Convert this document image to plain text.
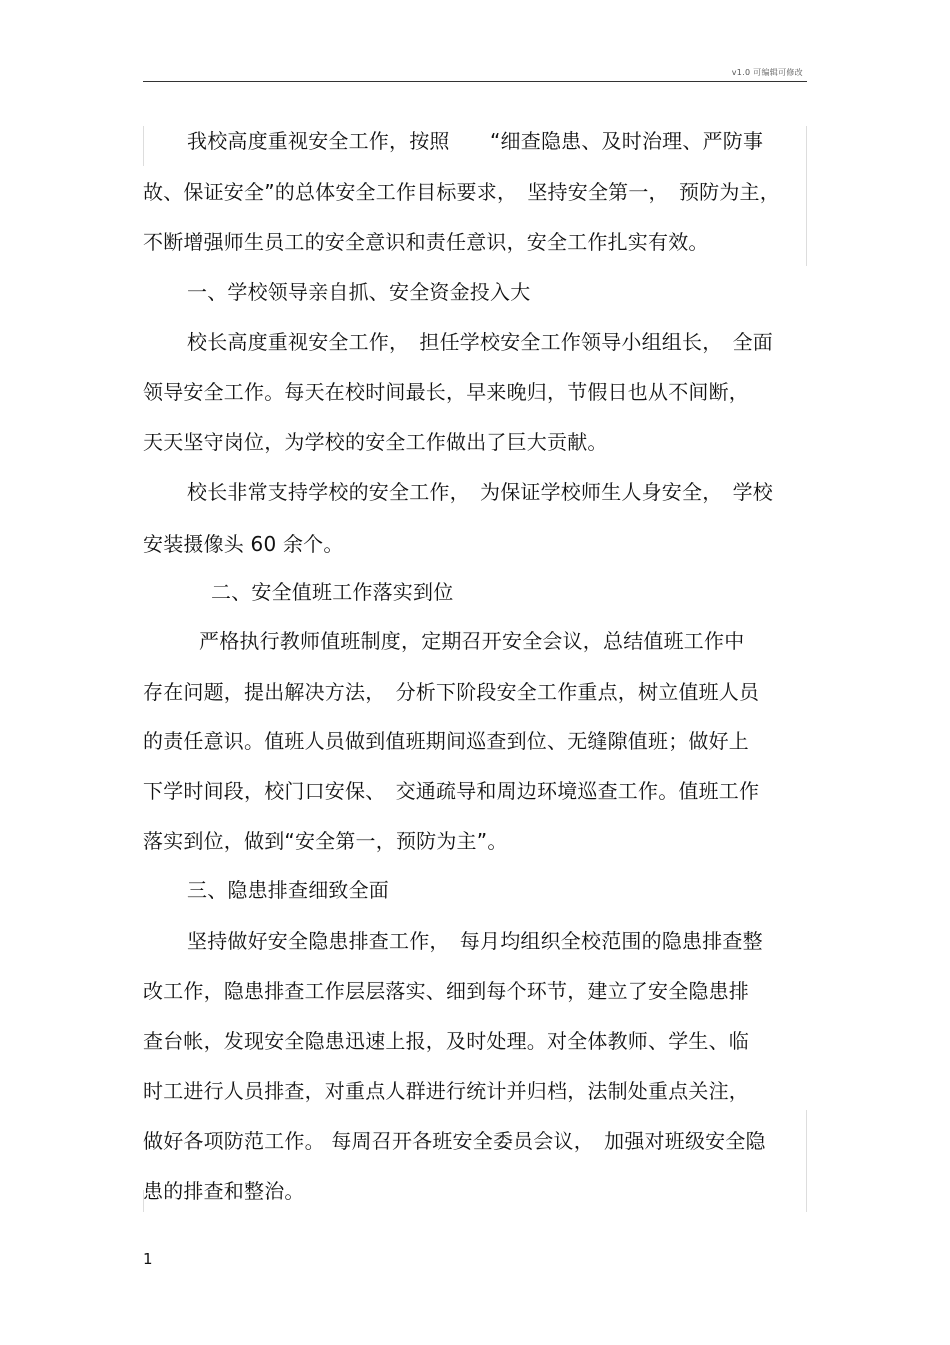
v1.0 可编辑可修改
我校高度重视安全工作，按照　　“细查隐患、及时治理、严防事
故、保证安全”的总体安全工作目标要求，　坚持安全第一，　预防为主，
不断增强师生员工的安全意识和责任意识，安全工作扎实有效。
一、学校领导亲自抓、安全资金投入大
校长高度重视安全工作，　担任学校安全工作领导小组组长，　全面
领导安全工作。每天在校时间最长，早来晚归，节假日也从不间断，
天天坚守岗位，为学校的安全工作做出了巨大贡献。
校长非常支持学校的安全工作，　为保证学校师生人身安全，　学校
安装摄像头 60 余个。
二、安全值班工作落实到位
严格执行教师值班制度，定期召开安全会议，总结值班工作中
存在问题，提出解决方法，　分析下阶段安全工作重点，树立值班人员
的责任意识。值班人员做到值班期间巡查到位、无缝隙值班；做好上
下学时间段，校门口安保、　交通疏导和周边环境巡查工作。值班工作
落实到位，做到“安全第一，预防为主”。
三、隐患排查细致全面
坚持做好安全隐患排查工作，　每月均组织全校范围的隐患排查整
改工作，隐患排查工作层层落实、细到每个环节，建立了安全隐患排
查台帐，发现安全隐患迅速上报，及时处理。对全体教师、学生、临
时工进行人员排查，对重点人群进行统计并归档，法制处重点关注，
做好各项防范工作。 每周召开各班安全委员会议，　加强对班级安全隐
患的排查和整治。
1
